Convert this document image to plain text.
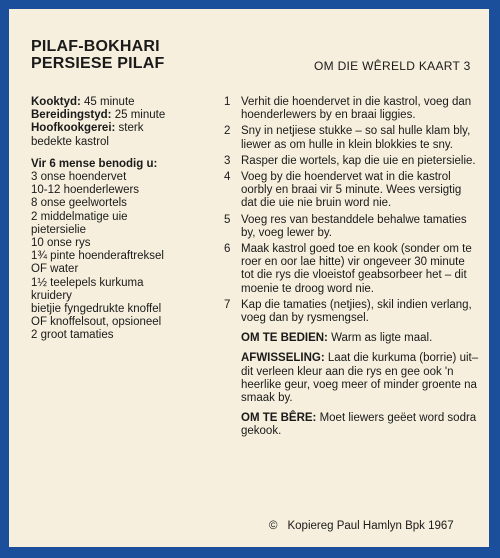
PILAF-BOKHARI
PERSIESE PILAF	OM DIE WÊRELD KAART 3
Kooktyd: 45 minute
Bereidingstyd: 25 minute
Hoofkookgerei: sterk
bedekte kastrol
Vir 6 mense benodig u:
3 onse hoendervet
10-12 hoenderlewers
8 onse geelwortels
2 middelmatige uie
pietersielie
10 onse rys
1¾ pinte hoenderaftreksel
OF water
1½ teelepels kurkuma
kruidery
bietjie fyngedrukte knoffel
OF knoffelsout, opsioneel
2 groot tamaties
1 Verhit die hoendervet in die kastrol, voeg dan hoenderlewers by en braai liggies.
2 Sny in netjiese stukke – so sal hulle klam bly, liewer as om hulle in klein blokkies te sny.
3 Rasper die wortels, kap die uie en pietersielie.
4 Voeg by die hoendervet wat in die kastrol oorbly en braai vir 5 minute. Wees versigtig dat die uie nie bruin word nie.
5 Voeg res van bestanddele behalwe tamaties by, voeg lewer by.
6 Maak kastrol goed toe en kook (sonder om te roer en oor lae hitte) vir ongeveer 30 minute tot die rys die vloeistof geabsorbeer het – dit moenie te droog word nie.
7 Kap die tamaties (netjies), skil indien verlang, voeg dan by rysmengsel.
OM TE BEDIEN: Warm as ligte maal.
AFWISSELING: Laat die kurkuma (borrie) uit–dit verleen kleur aan die rys en gee ook 'n heerlike geur, voeg meer of minder groente na smaak by.
OM TE BÊRE: Moet liewers geëet word sodra gekook.
© Kopiereg Paul Hamlyn Bpk 1967
